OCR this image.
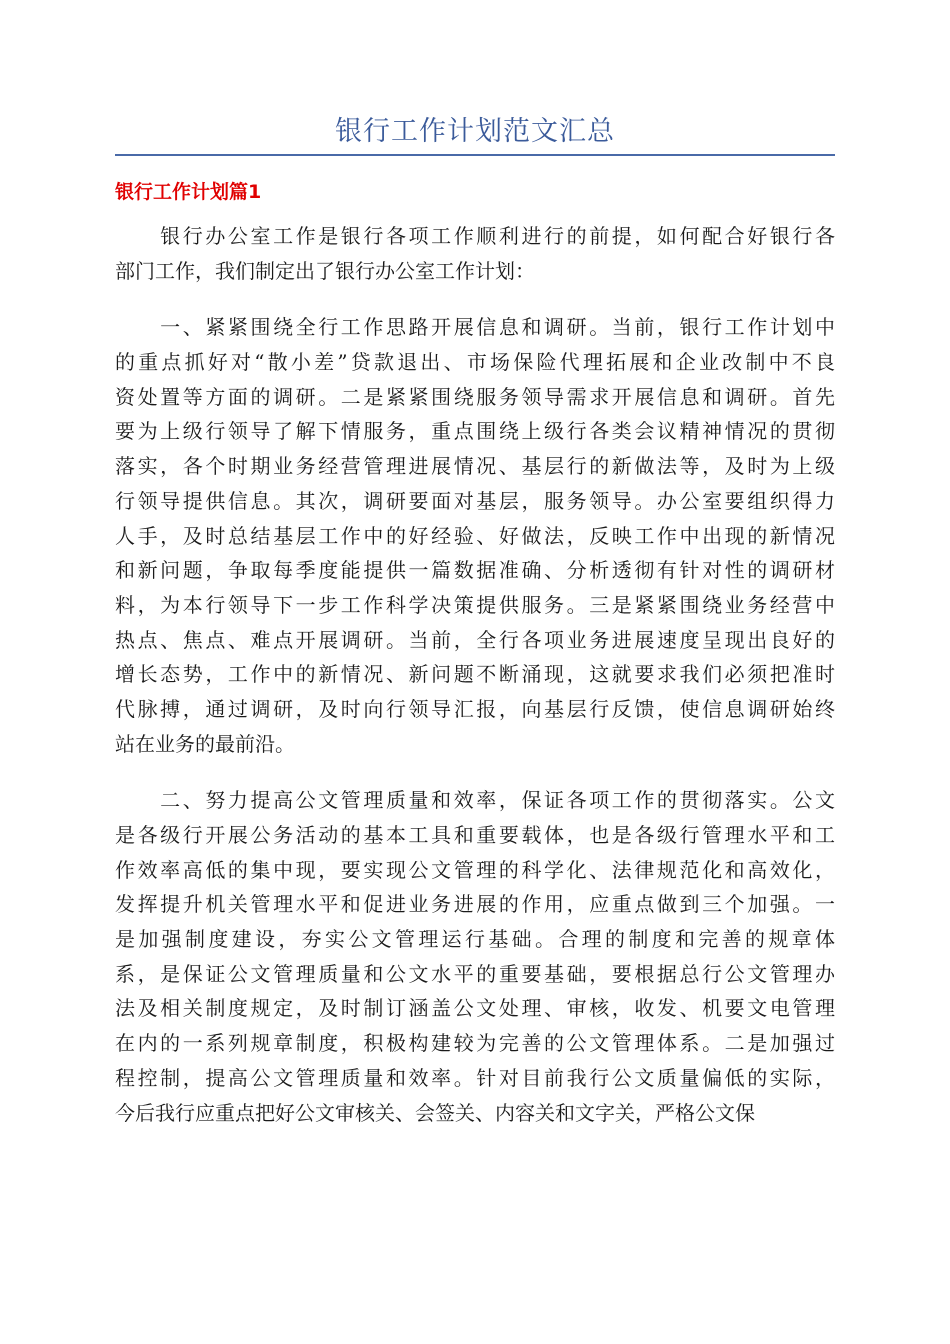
银行工作计划范文汇总
银行工作计划篇1
　　银行办公室工作是银行各项工作顺利进行的前提，如何配合好银行各
部门工作，我们制定出了银行办公室工作计划：
　　一、紧紧围绕全行工作思路开展信息和调研。当前，银行工作计划中
的重点抓好对“散小差”贷款退出、市场保险代理拓展和企业改制中不良
资处置等方面的调研。二是紧紧围绕服务领导需求开展信息和调研。首先
要为上级行领导了解下情服务，重点围绕上级行各类会议精神情况的贯彻
落实，各个时期业务经营管理进展情况、基层行的新做法等，及时为上级
行领导提供信息。其次，调研要面对基层，服务领导。办公室要组织得力
人手，及时总结基层工作中的好经验、好做法，反映工作中出现的新情况
和新问题，争取每季度能提供一篇数据准确、分析透彻有针对性的调研材
料，为本行领导下一步工作科学决策提供服务。三是紧紧围绕业务经营中
热点、焦点、难点开展调研。当前，全行各项业务进展速度呈现出良好的
增长态势，工作中的新情况、新问题不断涌现，这就要求我们必须把准时
代脉搏，通过调研，及时向行领导汇报，向基层行反馈，使信息调研始终
站在业务的最前沿。
　　二、努力提高公文管理质量和效率，保证各项工作的贯彻落实。公文
是各级行开展公务活动的基本工具和重要载体，也是各级行管理水平和工
作效率高低的集中现，要实现公文管理的科学化、法律规范化和高效化，
发挥提升机关管理水平和促进业务进展的作用，应重点做到三个加强。一
是加强制度建设，夯实公文管理运行基础。合理的制度和完善的规章体
系，是保证公文管理质量和公文水平的重要基础，要根据总行公文管理办
法及相关制度规定，及时制订涵盖公文处理、审核，收发、机要文电管理
在内的一系列规章制度，积极构建较为完善的公文管理体系。二是加强过
程控制，提高公文管理质量和效率。针对目前我行公文质量偏低的实际，
今后我行应重点把好公文审核关、会签关、内容关和文字关，严格公文保
